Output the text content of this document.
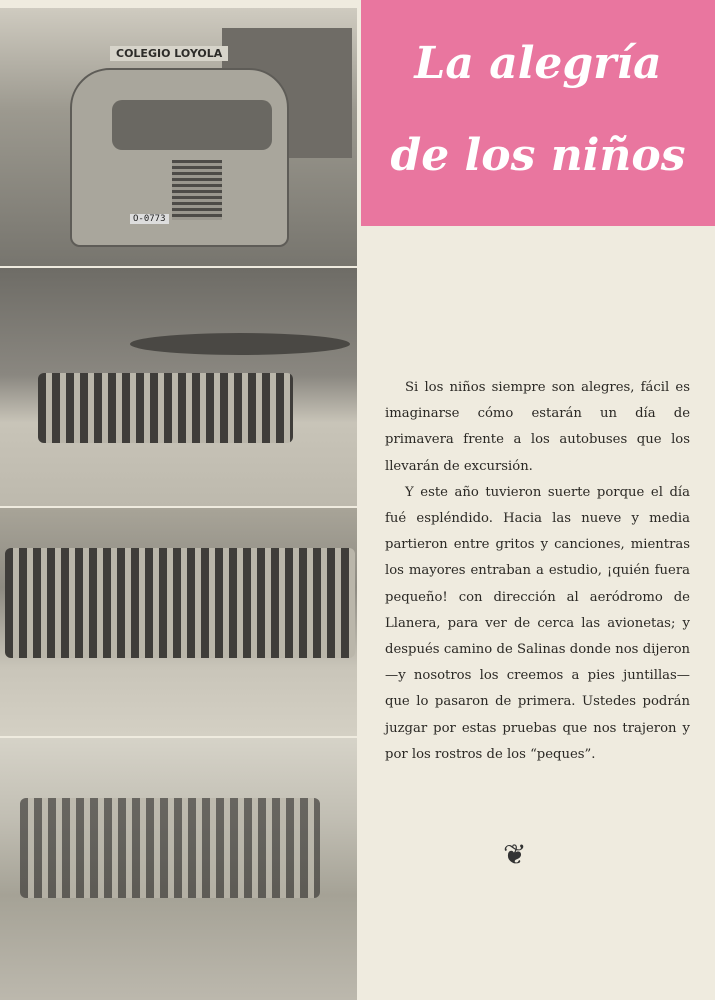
COLEGIO LOYOLA
O-0773
La alegría
de los niños

Si los niños siempre son alegres, fácil es imaginarse cómo estarán un día de primavera frente a los autobuses que los llevarán de excursión.

Y este año tuvieron suerte porque el día fué espléndido. Hacia las nueve y media partieron entre gritos y canciones, mientras los mayores entraban a estudio, ¡quién fuera pequeño! con dirección al aeródromo de Llanera, para ver de cerca las avionetas; y después camino de Salinas donde nos dijeron —y nosotros los creemos a pies juntillas— que lo pasaron de primera. Ustedes podrán juzgar por estas pruebas que nos trajeron y por los rostros de los “peques”.

❦
